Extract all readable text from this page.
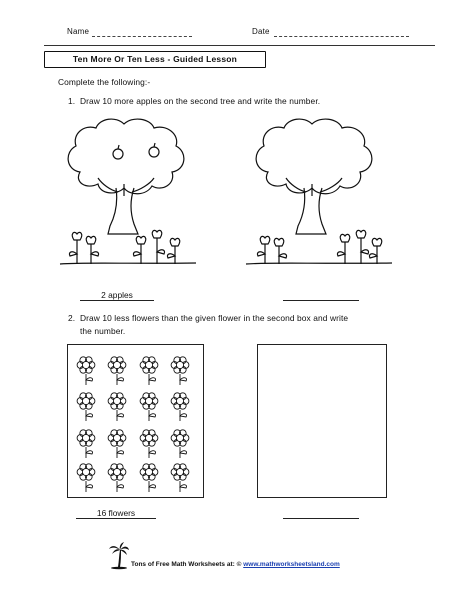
Name	Date
Ten More Or Ten Less - Guided Lesson
Complete the following:-
1. Draw 10 more apples on the second tree and write the number.
2 apples
2. Draw 10 less flowers than the given flower in the second box and write
the number.
16 flowers
Tons of Free Math Worksheets at: © www.mathworksheetsland.com
